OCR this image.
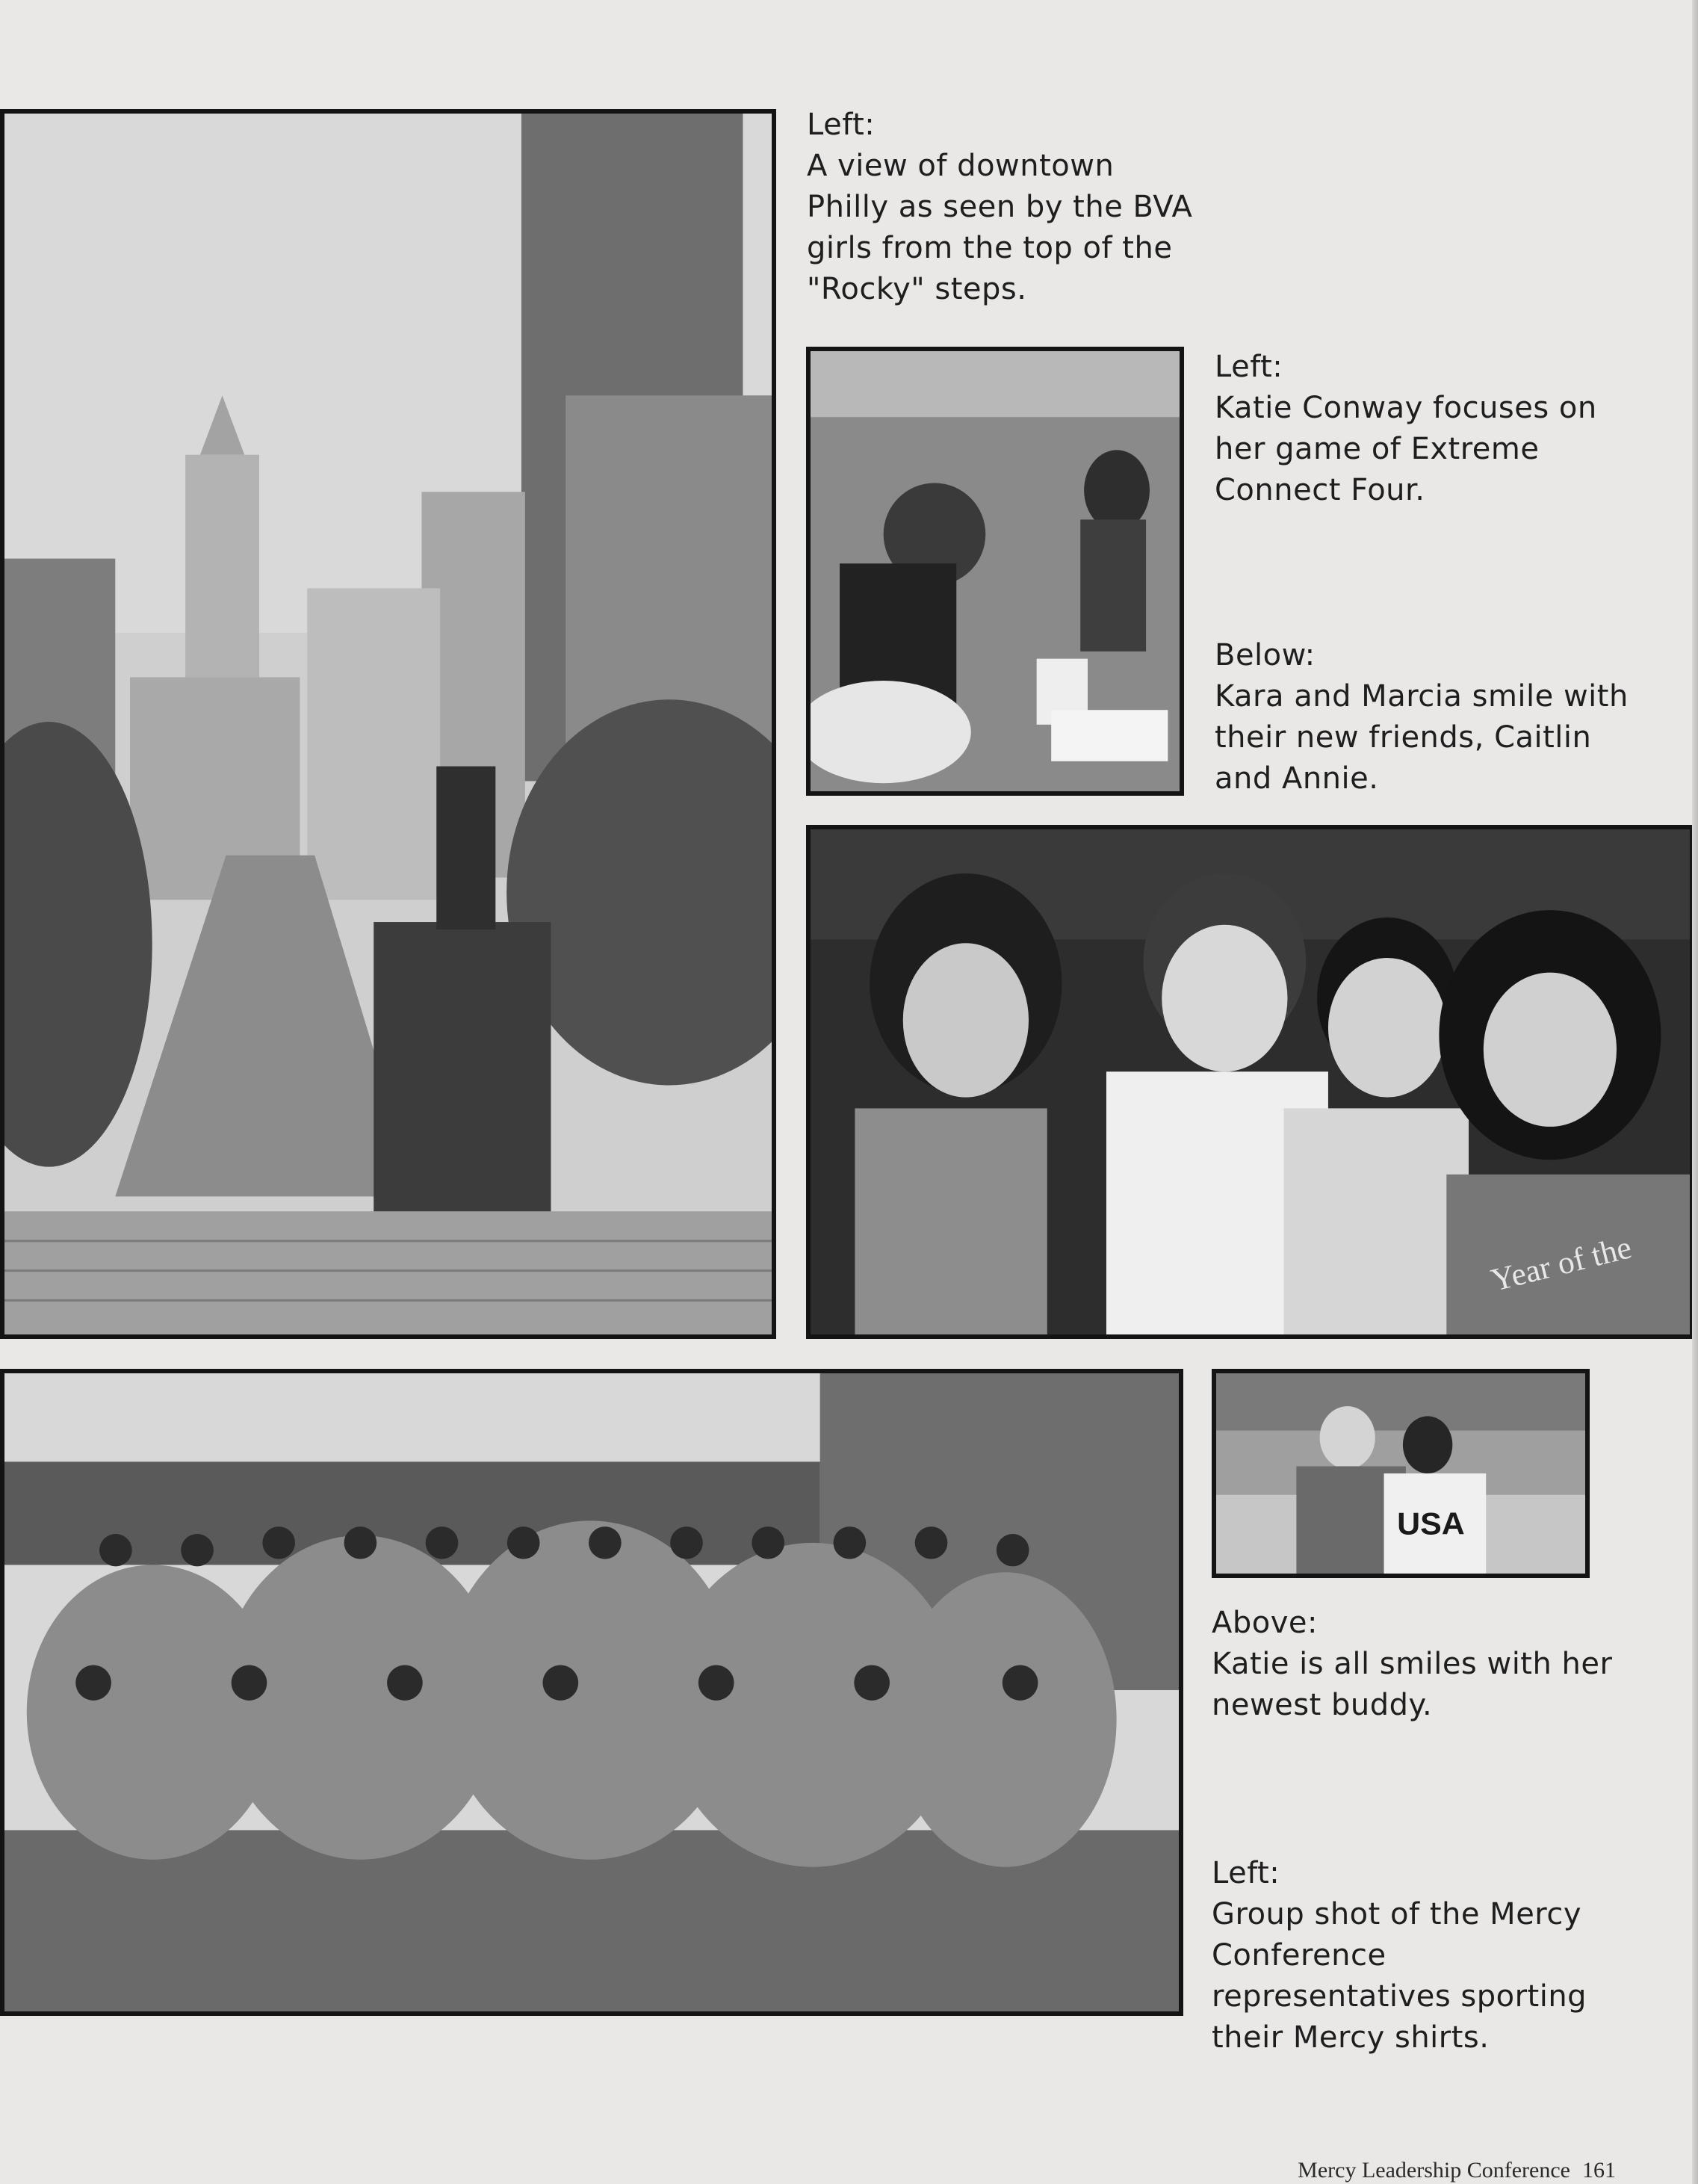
Left:
A view of downtown Philly as seen by the BVA girls from the top of the "Rocky" steps.
Left:
Katie Conway focuses on her game of Extreme Connect Four.
Below:
Kara and Marcia smile with their new friends, Caitlin and Annie.
Year of the
USA
Above:
Katie is all smiles with her newest buddy.
Left:
Group shot of the Mercy Conference representatives sporting their Mercy shirts.
Mercy Leadership Conference 161
